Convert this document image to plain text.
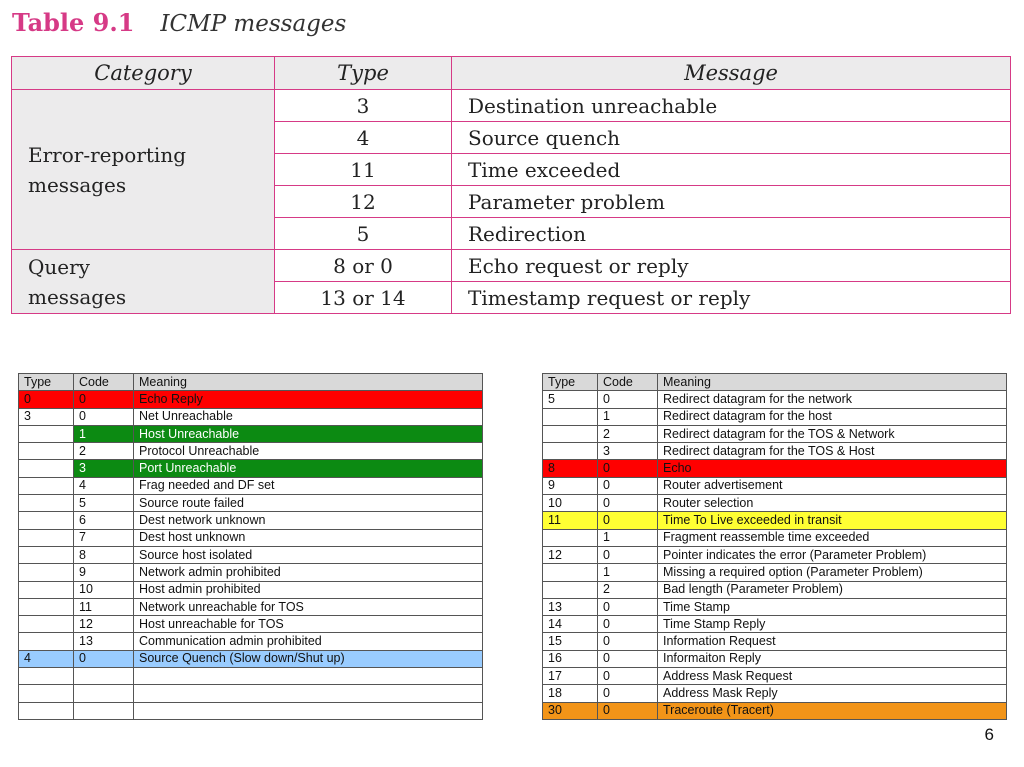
Table 9.1 ICMP messages
Category	Type	Message
Error-reporting
messages	3	Destination unreachable
	4	Source quench
	11	Time exceeded
	12	Parameter problem
	5	Redirection
Query
messages	8 or 0	Echo request or reply
	13 or 14	Timestamp request or reply
Type	Code	Meaning
0	0	Echo Reply
3	0	Net Unreachable
	1	Host Unreachable
	2	Protocol Unreachable
	3	Port Unreachable
	4	Frag needed and DF set
	5	Source route failed
	6	Dest network unknown
	7	Dest host unknown
	8	Source host isolated
	9	Network admin prohibited
	10	Host admin prohibited
	11	Network unreachable for TOS
	12	Host unreachable for TOS
	13	Communication admin prohibited
4	0	Source Quench (Slow down/Shut up)

Type	Code	Meaning
5	0	Redirect datagram for the network
	1	Redirect datagram for the host
	2	Redirect datagram for the TOS & Network
	3	Redirect datagram for the TOS & Host
8	0	Echo
9	0	Router advertisement
10	0	Router selection
11	0	Time To Live exceeded in transit
	1	Fragment reassemble time exceeded
12	0	Pointer indicates the error (Parameter Problem)
	1	Missing a required option (Parameter Problem)
	2	Bad length (Parameter Problem)
13	0	Time Stamp
14	0	Time Stamp Reply
15	0	Information Request
16	0	Informaiton Reply
17	0	Address Mask Request
18	0	Address Mask Reply
30	0	Traceroute (Tracert)
6
